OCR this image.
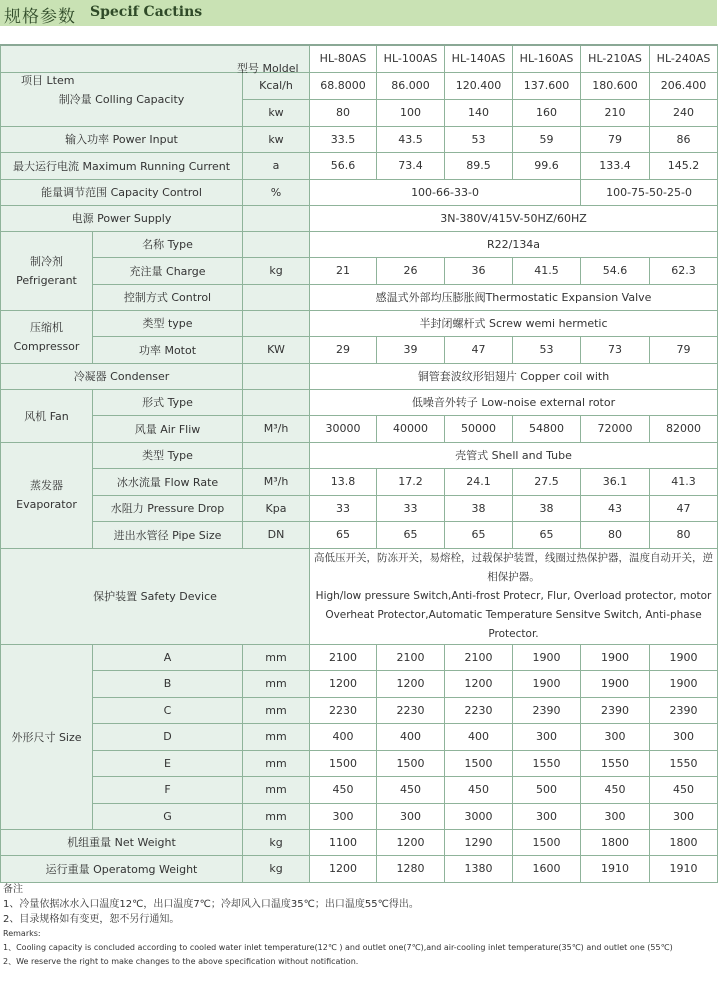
规格参数 Specif Cactins
项目 Ltem
型号 Moldel			HL-80AS	HL-100AS	HL-140AS	HL-160AS	HL-210AS	HL-240AS
制冷量 Colling Capacity		Kcal/h	68.8000	86.000	120.400	137.600	180.600	206.400
		kw	80	100	140	160	210	240
输入功率 Power Input		kw	33.5	43.5	53	59	79	86
最大运行电流 Maximum Running Current		a	56.6	73.4	89.5	99.6	133.4	145.2
能量调节范围 Capacity Control		%	100-66-33-0				100-75-50-25-0	
电源 Power Supply			3N-380V/415V-50HZ/60HZ					
制冷剂
Pefrigerant	名称 Type		R22/134a					
	充注量 Charge	kg	21	26	36	41.5	54.6	62.3
	控制方式 Control		感温式外部均压膨胀阀Thermostatic Expansion Valve					
压缩机
Compressor	类型 type		半封闭螺杆式 Screw wemi hermetic					
	功率 Motot	KW	29	39	47	53	73	79
冷凝器 Condenser			铜管套波纹形铝翅片 Copper coil with					
风机 Fan	形式 Type		低噪音外转子 Low-noise external rotor					
	风量 Air Fliw	M³/h	30000	40000	50000	54800	72000	82000
蒸发器
Evaporator	类型 Type		壳管式 Shell and Tube					
	冰水流量 Flow Rate	M³/h	13.8	17.2	24.1	27.5	36.1	41.3
	水阻力 Pressure Drop	Kpa	33	33	38	38	43	47
	进出水管径 Pipe Size	DN	65	65	65	65	80	80
保护装置 Safety Device			高低压开关，防冻开关，易熔栓，过载保护装置，线圈过热保护器，温度自动开关，逆相保护器。
High/low pressure Switch,Anti-frost Protecr, Flur, Overload protector, motor
Overheat Protector,Automatic Temperature Sensitve Switch, Anti-phase Protector.					

外形尺寸 Size	A	mm	2100	2100	2100	1900	1900	1900
	B	mm	1200	1200	1200	1900	1900	1900
	C	mm	2230	2230	2230	2390	2390	2390
	D	mm	400	400	400	300	300	300
	E	mm	1500	1500	1500	1550	1550	1550
	F	mm	450	450	450	500	450	450
	G	mm	300	300	3000	300	300	300
机组重量 Net Weight		kg	1100	1200	1290	1500	1800	1800
运行重量 Operatomg Weight		kg	1200	1280	1380	1600	1910	1910
备注
1、冷量依据冰水入口温度12℃，出口温度7℃；冷却风入口温度35℃；出口温度55℃得出。
2、目录规格如有变更，恕不另行通知。
Remarks:
1、Cooling capacity is concluded according to cooled water inlet temperature(12℃ ) and outlet one(7℃),and air-cooling inlet temperature(35℃) and outlet one (55℃)
2、We reserve the right to make changes to the above specification without notification.
